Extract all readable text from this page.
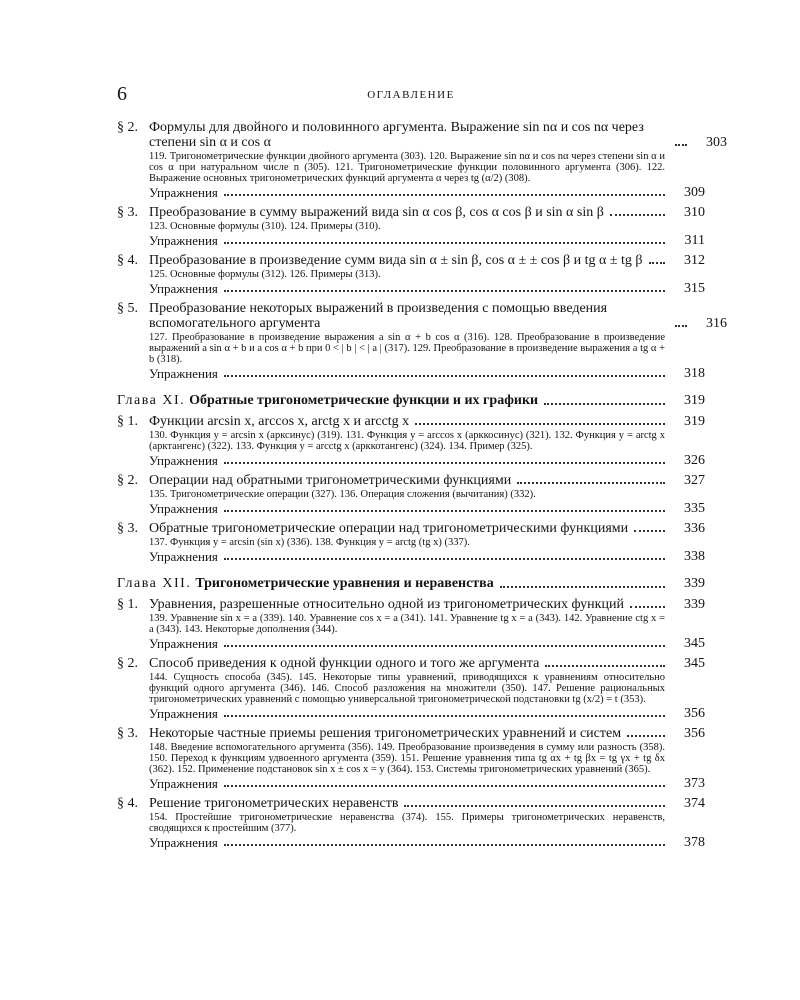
6	ОГЛАВЛЕНИЕ
§ 2. Формулы для двойного и половинного аргумента. Выражение sin nα и cos nα через степени sin α и cos α	303
119. Тригонометрические функции двойного аргумента (303). 120. Выражение sin nα и cos nα через степени sin α и cos α при натуральном числе n (305). 121. Тригонометрические функции половинного аргумента (306). 122. Выражение основных тригонометрических функций аргумента α через tg (α/2) (308).
Упражнения	309
§ 3. Преобразование в сумму выражений вида sin α cos β, cos α cos β и sin α sin β	310
123. Основные формулы (310). 124. Примеры (310).
Упражнения	311
§ 4. Преобразование в произведение сумм вида sin α ± sin β, cos α ± ± cos β и tg α ± tg β	312
125. Основные формулы (312). 126. Примеры (313).
Упражнения	315
§ 5. Преобразование некоторых выражений в произведения с помощью введения вспомогательного аргумента	316
127. Преобразование в произведение выражения a sin α + b cos α (316). 128. Преобразование в произведение выражений a sin α + b и a cos α + b при 0 < | b | < | a | (317). 129. Преобразование в произведение выражения a tg α + b (318).
Упражнения	318
Глава XI. Обратные тригонометрические функции и их графики	319
§ 1. Функции arcsin x, arccos x, arctg x и arcctg x	319
130. Функция y = arcsin x (арксинус) (319). 131. Функция y = arccos x (арккосинус) (321). 132. Функция y = arctg x (арктангенс) (322). 133. Функция y = arcctg x (арккотангенс) (324). 134. Пример (325).
Упражнения	326
§ 2. Операции над обратными тригонометрическими функциями	327
135. Тригонометрические операции (327). 136. Операция сложения (вычитания) (332).
Упражнения	335
§ 3. Обратные тригонометрические операции над тригонометрическими функциями	336
137. Функция y = arcsin (sin x) (336). 138. Функция y = arctg (tg x) (337).
Упражнения	338
Глава XII. Тригонометрические уравнения и неравенства	339
§ 1. Уравнения, разрешенные относительно одной из тригонометрических функций	339
139. Уравнение sin x = a (339). 140. Уравнение cos x = a (341). 141. Уравнение tg x = a (343). 142. Уравнение ctg x = a (343). 143. Некоторые дополнения (344).
Упражнения	345
§ 2. Способ приведения к одной функции одного и того же аргумента	345
144. Сущность способа (345). 145. Некоторые типы уравнений, приводящихся к уравнениям относительно функций одного аргумента (346). 146. Способ разложения на множители (350). 147. Решение рациональных тригонометрических уравнений с помощью универсальной тригонометрической подстановки tg (x/2) = t (353).
Упражнения	356
§ 3. Некоторые частные приемы решения тригонометрических уравнений и систем	356
148. Введение вспомогательного аргумента (356). 149. Преобразование произведения в сумму или разность (358). 150. Переход к функциям удвоенного аргумента (359). 151. Решение уравнения типа tg αx + tg βx = tg γx + tg δx (362). 152. Применение подстановок sin x ± cos x = y (364). 153. Системы тригонометрических уравнений (365).
Упражнения	373
§ 4. Решение тригонометрических неравенств	374
154. Простейшие тригонометрические неравенства (374). 155. Примеры тригонометрических неравенств, сводящихся к простейшим (377).
Упражнения	378
